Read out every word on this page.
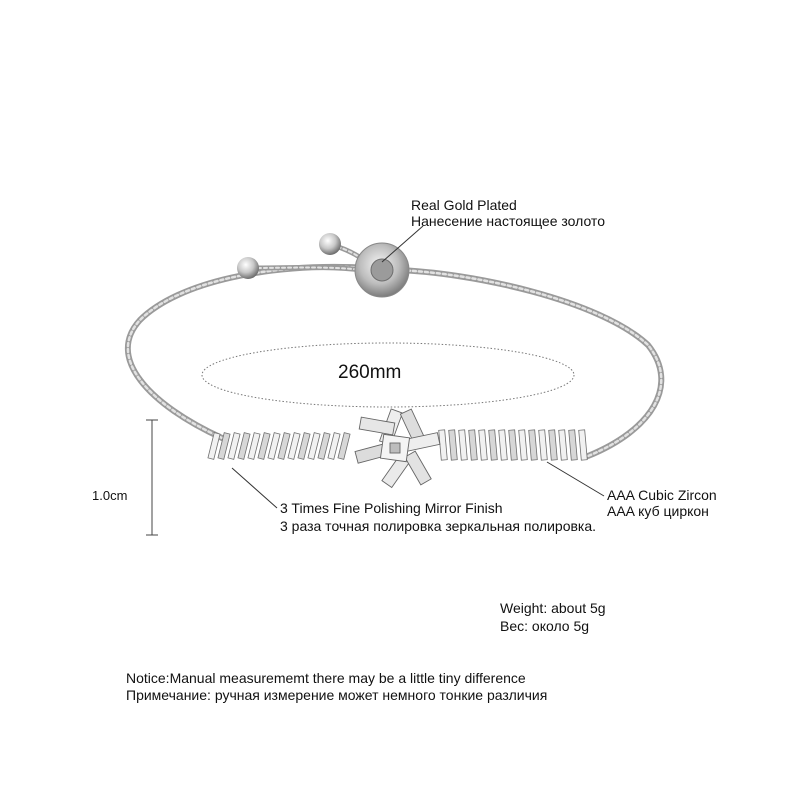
Real Gold Plated
Нанесение настоящее золото
260mm
1.0cm
3 Times Fine Polishing Mirror Finish
3 раза точная полировка зеркальная полировка.
AAA Cubic Zircon
AAA куб циркон
Weight: about 5g
Вес: около 5g
Notice:Manual measurememt there may be a little tiny difference
Примечание: ручная измерение может немного тонкие различия
